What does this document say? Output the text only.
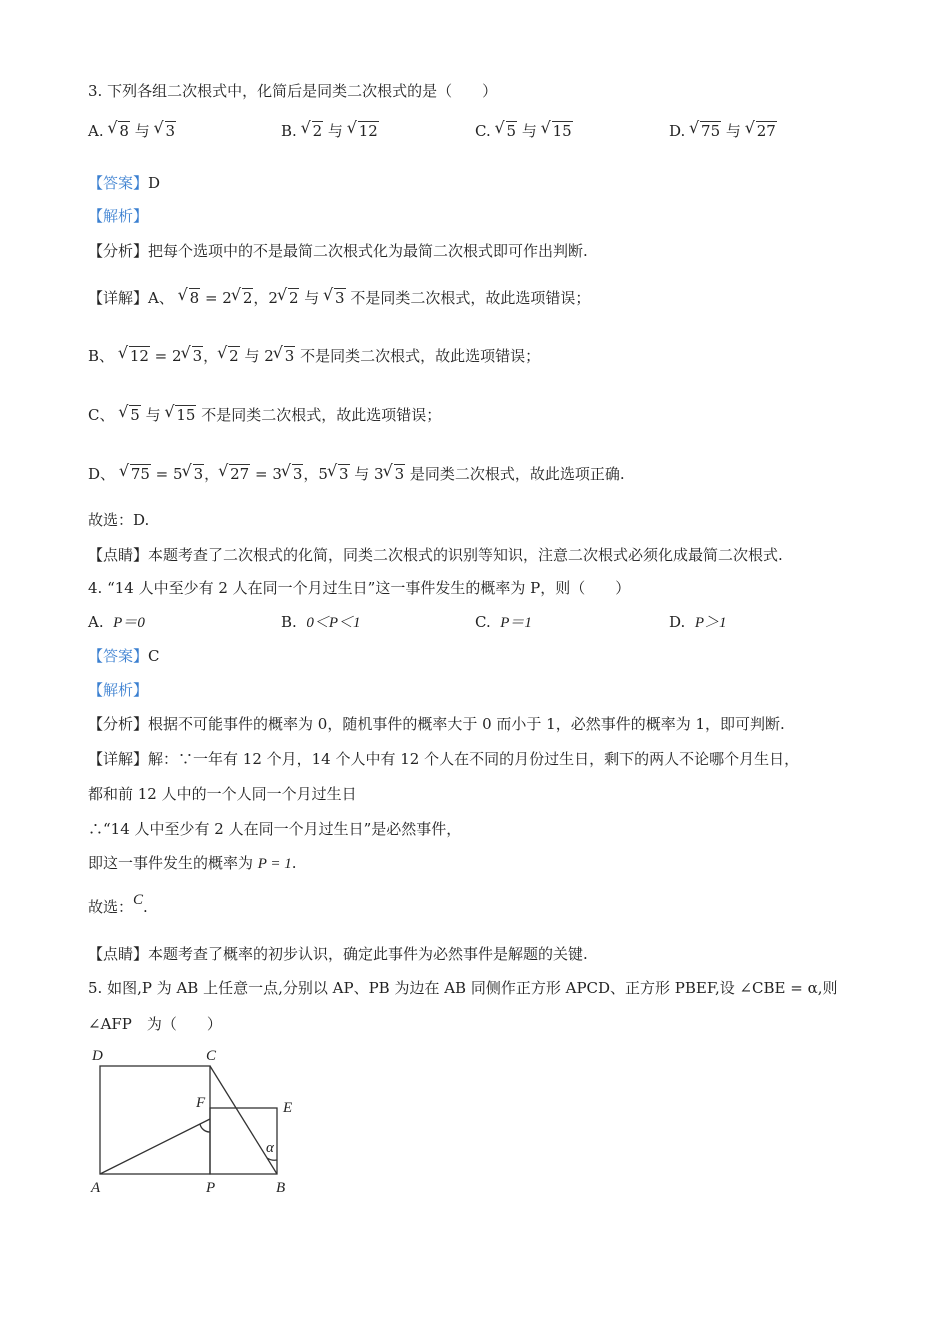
3. 下列各组二次根式中，化简后是同类二次根式的是（　　）
A. √ 8 与 √ 3	B. √ 2 与 √ 12	C. √ 5 与 √ 15	D. √ 75 与 √ 27
【答案】D
【解析】
【分析】把每个选项中的不是最简二次根式化为最简二次根式即可作出判断.
【详解】A、 √ 8 = 2 √ 2，2 √ 2 与 √ 3 不是同类二次根式，故此选项错误；
B、 √ 12 = 2 √ 3， √ 2 与 2 √ 3 不是同类二次根式，故此选项错误；
C、 √ 5 与 √ 15 不是同类二次根式，故此选项错误；
D、 √ 75 = 5 √ 3， √ 27 = 3 √ 3，5 √ 3 与 3 √ 3 是同类二次根式，故此选项正确.
故选：D.
【点睛】本题考查了二次根式的化简，同类二次根式的识别等知识，注意二次根式必须化成最简二次根式.
4. “14 人中至少有 2 人在同一个月过生日”这一事件发生的概率为 P，则（　　）
A. P＝0	B. 0＜P＜1	C. P＝1	D. P＞1
【答案】C
【解析】
【分析】根据不可能事件的概率为 0，随机事件的概率大于 0 而小于 1，必然事件的概率为 1，即可判断.
【详解】解：∵一年有 12 个月，14 个人中有 12 个人在不同的月份过生日，剩下的两人不论哪个月生日，
都和前 12 人中的一个人同一个月过生日
∴“14 人中至少有 2 人在同一个月过生日”是必然事件，
即这一事件发生的概率为 P = 1.
故选：C.
【点睛】本题考查了概率的初步认识，确定此事件为必然事件是解题的关键.
5. 如图,P 为 AB 上任意一点,分别以 AP、PB 为边在 AB 同侧作正方形 APCD、正方形 PBEF,设 ∠CBE = α,则
∠AFP　为（　　）
D	C
F	E
α
A	P	B
